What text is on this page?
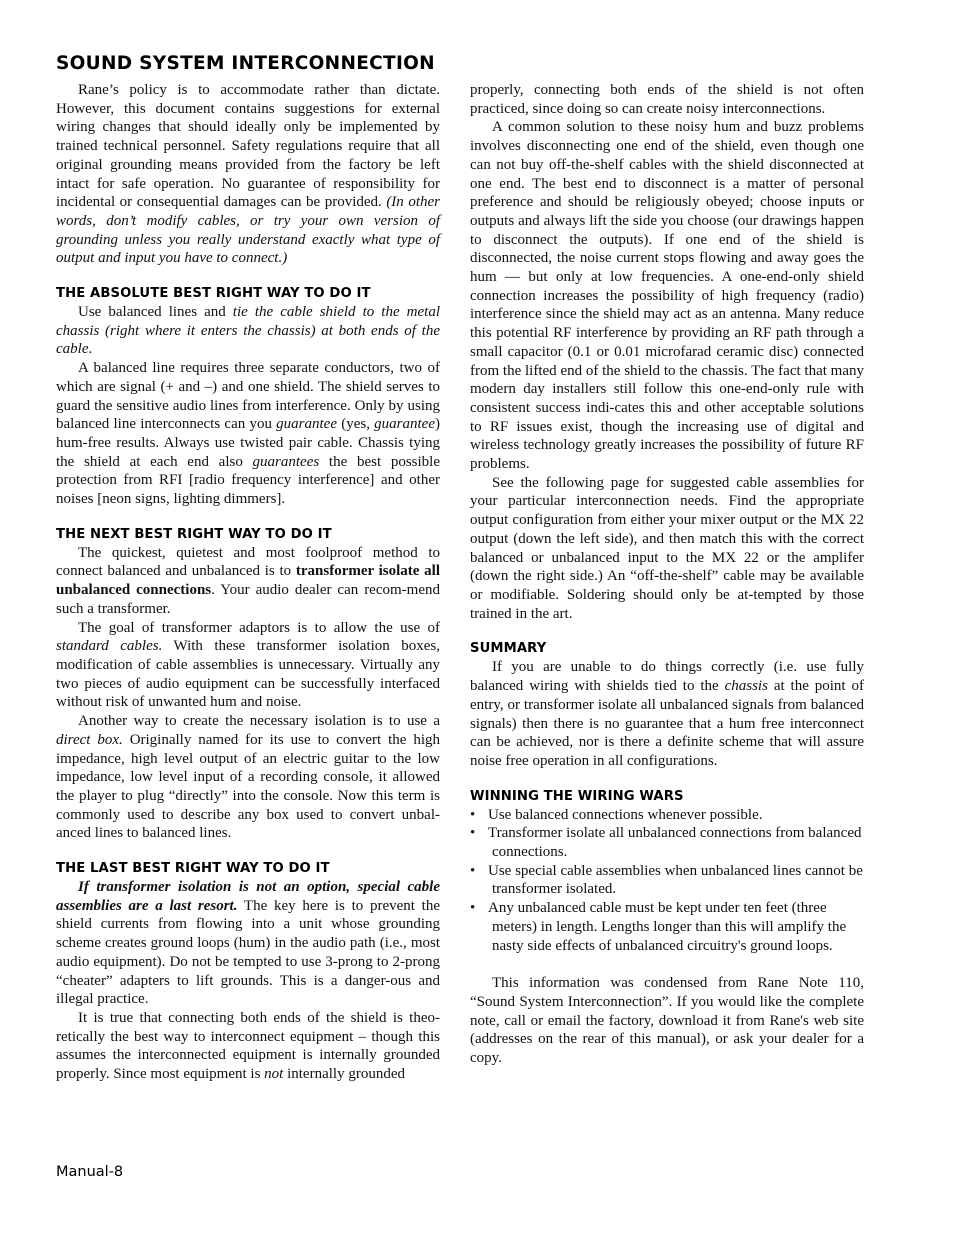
SOUND SYSTEM INTERCONNECTION

Rane’s policy is to accommodate rather than dictate. However, this document contains suggestions for external wiring changes that should ideally only be implemented by trained technical personnel. Safety regulations require that all original grounding means provided from the factory be left intact for safe operation. No guarantee of responsibility for incidental or consequential damages can be provided. (In other words, don’t modify cables, or try your own version of grounding unless you really understand exactly what type of output and input you have to connect.)

THE ABSOLUTE BEST RIGHT WAY TO DO IT

Use balanced lines and tie the cable shield to the metal chassis (right where it enters the chassis) at both ends of the cable.

A balanced line requires three separate conductors, two of which are signal (+ and –) and one shield. The shield serves to guard the sensitive audio lines from interference. Only by using balanced line interconnects can you guarantee (yes, guarantee) hum-free results. Always use twisted pair cable. Chassis tying the shield at each end also guarantees the best possible protection from RFI [radio frequency interference] and other noises [neon signs, lighting dimmers].

THE NEXT BEST RIGHT WAY TO DO IT

The quickest, quietest and most foolproof method to connect balanced and unbalanced is to transformer isolate all unbalanced connections. Your audio dealer can recom-mend such a transformer.

The goal of transformer adaptors is to allow the use of standard cables. With these transformer isolation boxes, modification of cable assemblies is unnecessary. Virtually any two pieces of audio equipment can be successfully interfaced without risk of unwanted hum and noise.

Another way to create the necessary isolation is to use a direct box. Originally named for its use to convert the high impedance, high level output of an electric guitar to the low impedance, low level input of a recording console, it allowed the player to plug “directly” into the console. Now this term is commonly used to describe any box used to convert unbal-anced lines to balanced lines.

THE LAST BEST RIGHT WAY TO DO IT

If transformer isolation is not an option, special cable assemblies are a last resort. The key here is to prevent the shield currents from flowing into a unit whose grounding scheme creates ground loops (hum) in the audio path (i.e., most audio equipment). Do not be tempted to use 3-prong to 2-prong “cheater” adapters to lift grounds. This is a danger-ous and illegal practice.

It is true that connecting both ends of the shield is theo-retically the best way to interconnect equipment – though this assumes the interconnected equipment is internally grounded properly. Since most equipment is not internally grounded

properly, connecting both ends of the shield is not often practiced, since doing so can create noisy interconnections.

A common solution to these noisy hum and buzz problems involves disconnecting one end of the shield, even though one can not buy off-the-shelf cables with the shield disconnected at one end. The best end to disconnect is a matter of personal preference and should be religiously obeyed; choose inputs or outputs and always lift the side you choose (our drawings happen to disconnect the outputs). If one end of the shield is disconnected, the noise current stops flowing and away goes the hum — but only at low frequencies. A one-end-only shield connection increases the possibility of high frequency (radio) interference since the shield may act as an antenna. Many reduce this potential RF interference by providing an RF path through a small capacitor (0.1 or 0.01 microfarad ceramic disc) connected from the lifted end of the shield to the chassis. The fact that many modern day installers still follow this one-end-only rule with consistent success indi-cates this and other acceptable solutions to RF issues exist, though the increasing use of digital and wireless technology greatly increases the possibility of future RF problems.

See the following page for suggested cable assemblies for your particular interconnection needs. Find the appropriate output configuration from either your mixer output or the MX 22 output (down the left side), and then match this with the correct balanced or unbalanced input to the MX 22 or the amplifer (down the right side.) An “off-the-shelf” cable may be available or modifiable. Soldering should only be at-tempted by those trained in the art.

SUMMARY

If you are unable to do things correctly (i.e. use fully balanced wiring with shields tied to the chassis at the point of entry, or transformer isolate all unbalanced signals from balanced signals) then there is no guarantee that a hum free interconnect can be achieved, nor is there a definite scheme that will assure noise free operation in all configurations.

WINNING THE WIRING WARS
• Use balanced connections whenever possible.
• Transformer isolate all unbalanced connections from balanced connections.
• Use special cable assemblies when unbalanced lines cannot be transformer isolated.
• Any unbalanced cable must be kept under ten feet (three meters) in length. Lengths longer than this will amplify the nasty side effects of unbalanced circuitry's ground loops.

This information was condensed from Rane Note 110, “Sound System Interconnection”. If you would like the complete note, call or email the factory, download it from Rane's web site (addresses on the rear of this manual), or ask your dealer for a copy.

Manual-8
